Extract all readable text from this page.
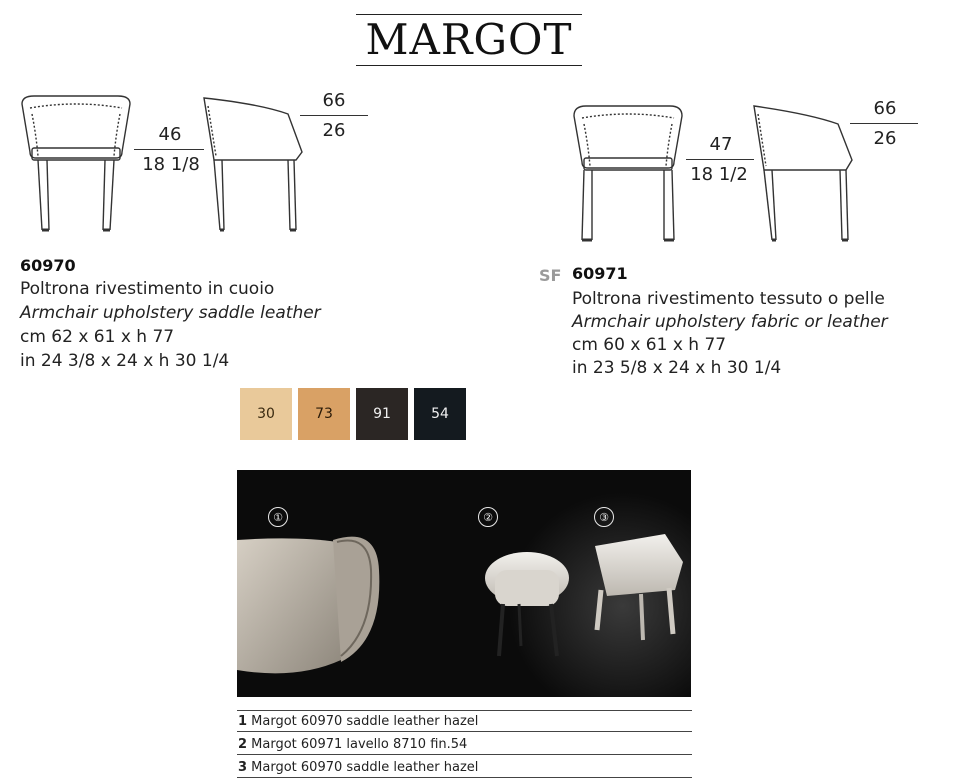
MARGOT
46
18 1/8
66
26
60970
Poltrona rivestimento in cuoio
Armchair upholstery saddle leather
cm 62 x 61 x h 77
in 24 3/8 x 24 x h 30 1/4
47
18 1/2
66
26
SF 60971
Poltrona rivestimento tessuto o pelle
Armchair upholstery fabric or leather
cm 60 x 61 x h 77
in 23 5/8 x 24 x h 30 1/4
30	73	91	54
①	②	③
1 Margot 60970 saddle leather hazel
2 Margot 60971 lavello 8710 fin.54
3 Margot 60970 saddle leather hazel
